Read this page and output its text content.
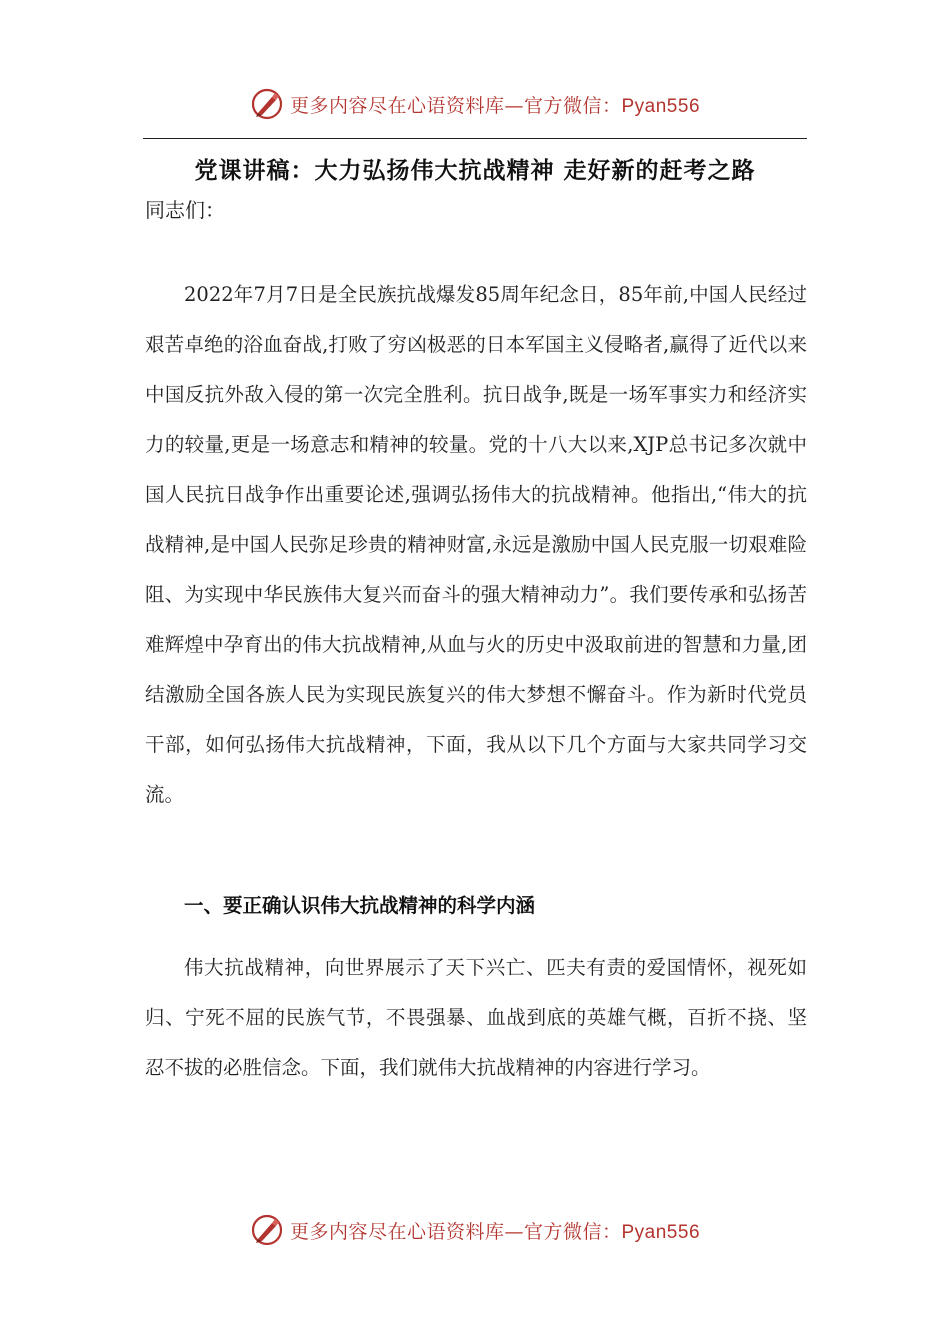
更多内容尽在心语资料库—官方微信：Pyan556
党课讲稿：大力弘扬伟大抗战精神 走好新的赶考之路
同志们：

2022年7月7日是全民族抗战爆发85周年纪念日，85年前,中国人民经过艰苦卓绝的浴血奋战,打败了穷凶极恶的日本军国主义侵略者,赢得了近代以来中国反抗外敌入侵的第一次完全胜利。抗日战争,既是一场军事实力和经济实力的较量,更是一场意志和精神的较量。党的十八大以来,XJP总书记多次就中国人民抗日战争作出重要论述,强调弘扬伟大的抗战精神。他指出,“伟大的抗战精神,是中国人民弥足珍贵的精神财富,永远是激励中国人民克服一切艰难险阻、为实现中华民族伟大复兴而奋斗的强大精神动力”。我们要传承和弘扬苦难辉煌中孕育出的伟大抗战精神,从血与火的历史中汲取前进的智慧和力量,团结激励全国各族人民为实现民族复兴的伟大梦想不懈奋斗。作为新时代党员干部，如何弘扬伟大抗战精神，下面，我从以下几个方面与大家共同学习交流。

一、要正确认识伟大抗战精神的科学内涵

伟大抗战精神，向世界展示了天下兴亡、匹夫有责的爱国情怀，视死如归、宁死不屈的民族气节，不畏强暴、血战到底的英雄气概，百折不挠、坚忍不拔的必胜信念。下面，我们就伟大抗战精神的内容进行学习。

更多内容尽在心语资料库—官方微信：Pyan556
